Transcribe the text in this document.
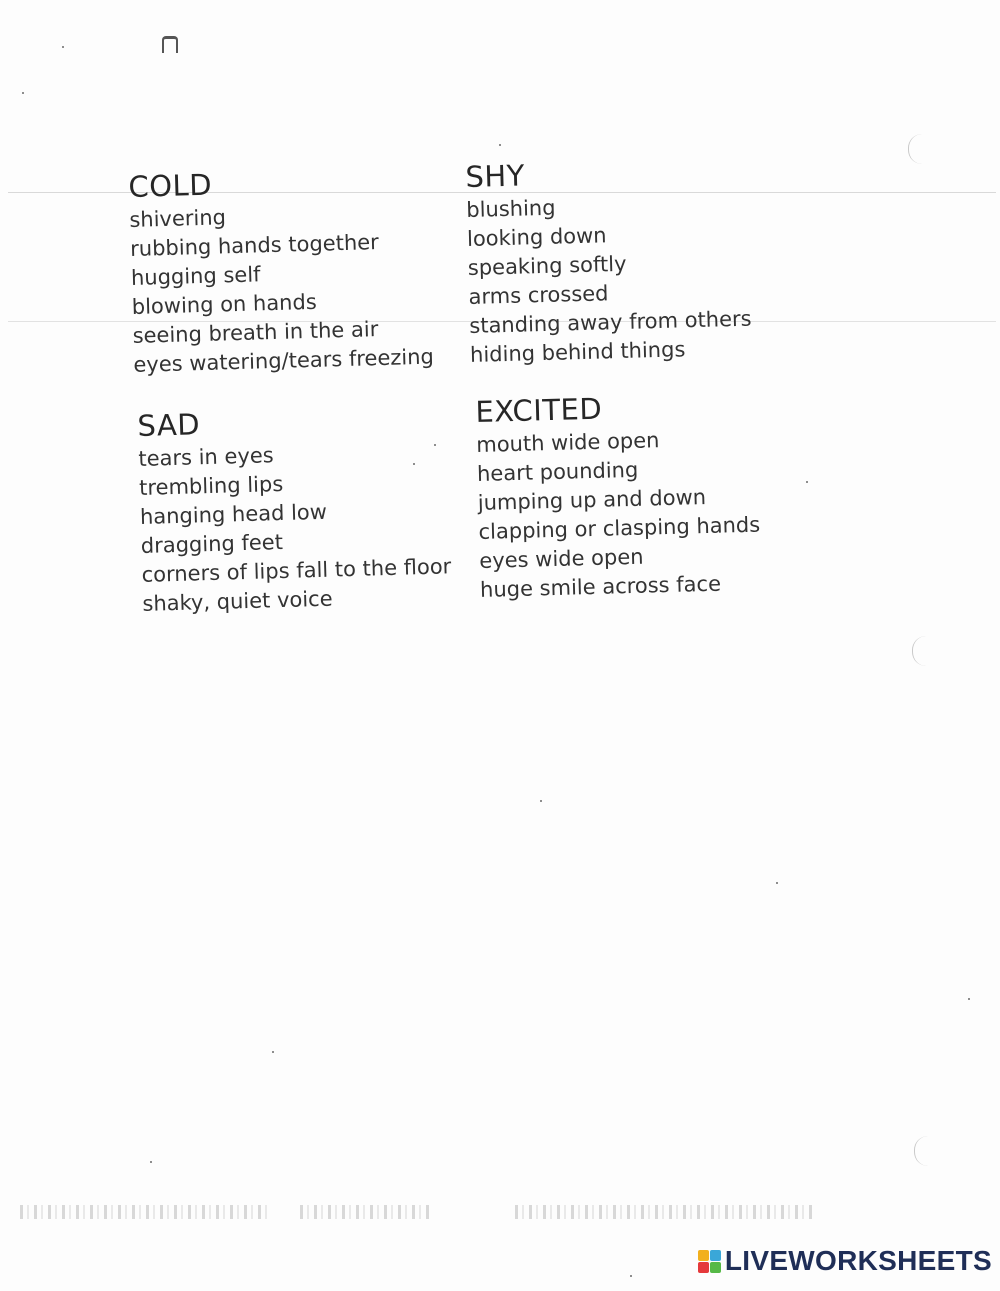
COLD
shivering
rubbing hands together
hugging self
blowing on hands
seeing breath in the air
eyes watering/tears freezing
SHY
blushing
looking down
speaking softly
arms crossed
standing away from others
hiding behind things
SAD
tears in eyes
trembling lips
hanging head low
dragging feet
corners of lips fall to the floor
shaky, quiet voice
EXCITED
mouth wide open
heart pounding
jumping up and down
clapping or clasping hands
eyes wide open
huge smile across face
LIVEWORKSHEETS
